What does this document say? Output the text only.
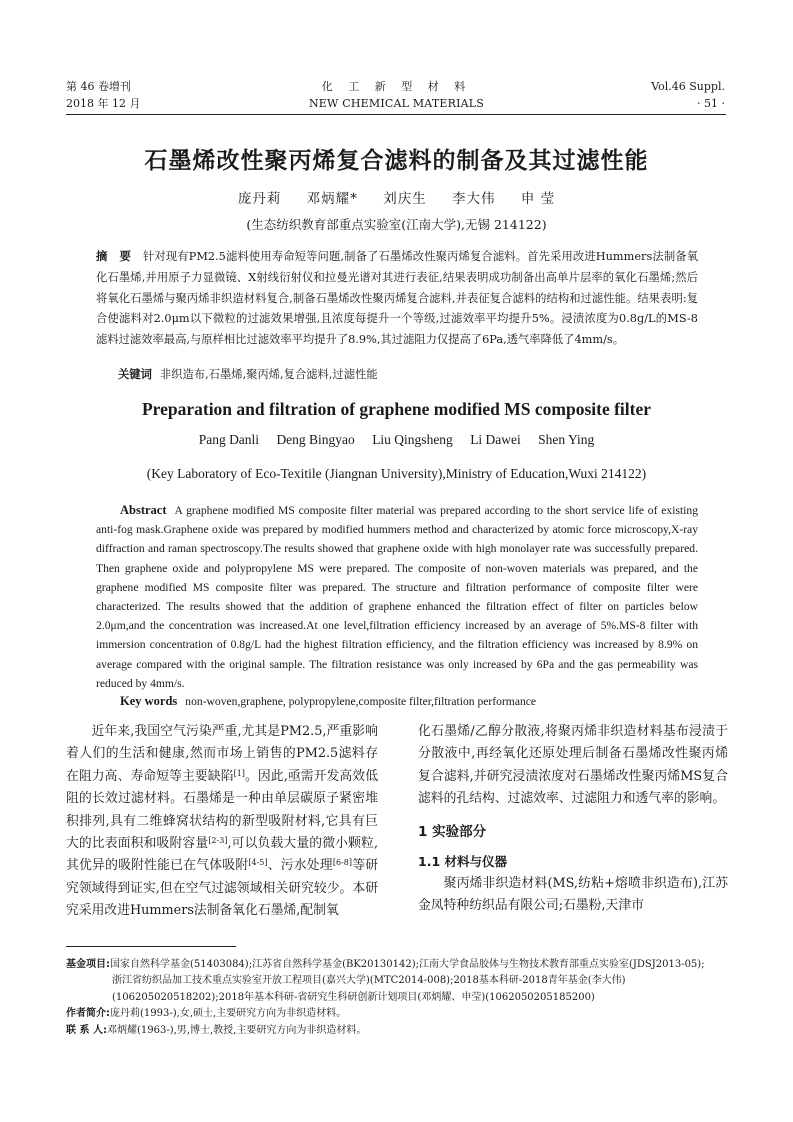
第 46 卷增刊
2018 年 12 月
化 工 新 型 材 料
NEW CHEMICAL MATERIALS
Vol.46 Suppl.
· 51 ·
石墨烯改性聚丙烯复合滤料的制备及其过滤性能
庞丹莉 邓炳耀* 刘庆生 李大伟 申 莹
(生态纺织教育部重点实验室(江南大学),无锡 214122)
摘 要 针对现有PM2.5滤料使用寿命短等问题,制备了石墨烯改性聚丙烯复合滤料。首先采用改进Hummers法制备氧化石墨烯,并用原子力显微镜、X射线衍射仪和拉曼光谱对其进行表征,结果表明成功制备出高单片层率的氧化石墨烯;然后将氧化石墨烯与聚丙烯非织造材料复合,制备石墨烯改性聚丙烯复合滤料,并表征复合滤料的结构和过滤性能。结果表明:复合使滤料对2.0μm以下微粒的过滤效果增强,且浓度每提升一个等级,过滤效率平均提升5%。浸渍浓度为0.8g/L的MS-8滤料过滤效率最高,与原样相比过滤效率平均提升了8.9%,其过滤阻力仅提高了6Pa,透气率降低了4mm/s。
关键词 非织造布,石墨烯,聚丙烯,复合滤料,过滤性能
Preparation and filtration of graphene modified MS composite filter
Pang Danli Deng Bingyao Liu Qingsheng Li Dawei Shen Ying
(Key Laboratory of Eco-Texitile (Jiangnan University),Ministry of Education,Wuxi 214122)
Abstract A graphene modified MS composite filter material was prepared according to the short service life of existing anti-fog mask.Graphene oxide was prepared by modified hummers method and characterized by atomic force microscopy,X-ray diffraction and raman spectroscopy.The results showed that graphene oxide with high monolayer rate was successfully prepared. Then graphene oxide and polypropylene MS were prepared. The composite of non-woven materials was prepared, and the graphene modified MS composite filter was prepared. The structure and filtration performance of composite filter were characterized. The results showed that the addition of graphene enhanced the filtration effect of filter on particles below 2.0μm,and the concentration was increased.At one level,filtration efficiency increased by an average of 5%.MS-8 filter with immersion concentration of 0.8g/L had the highest filtration efficiency, and the filtration efficiency was increased by 8.9% on average compared with the original sample. The filtration resistance was only increased by 6Pa and the gas permeability was reduced by 4mm/s.
Key words non-woven,graphene, polypropylene,composite filter,filtration performance

近年来,我国空气污染严重,尤其是PM2.5,严重影响着人们的生活和健康,然而市场上销售的PM2.5滤料存在阻力高、寿命短等主要缺陷[1]。因此,亟需开发高效低阻的长效过滤材料。石墨烯是一种由单层碳原子紧密堆积排列,具有二维蜂窝状结构的新型吸附材料,它具有巨大的比表面积和吸附容量[2-3],可以负载大量的微小颗粒,其优异的吸附性能已在气体吸附[4-5]、污水处理[6-8]等研究领域得到证实,但在空气过滤领域相关研究较少。本研究采用改进Hummers法制备氧化石墨烯,配制氧

化石墨烯/乙醇分散液,将聚丙烯非织造材料基布浸渍于分散液中,再经氧化还原处理后制备石墨烯改性聚丙烯复合滤料,并研究浸渍浓度对石墨烯改性聚丙烯MS复合滤料的孔结构、过滤效率、过滤阻力和透气率的影响。

1 实验部分
1.1 材料与仪器

聚丙烯非织造材料(MS,纺粘+熔喷非织造布),江苏金凤特种纺织品有限公司;石墨粉,天津市

基金项目:国家自然科学基金(51403084);江苏省自然科学基金(BK20130142);江南大学食品胶体与生物技术教育部重点实验室(JDSJ2013-05);

浙江省纺织品加工技术重点实验室开放工程项目(嘉兴大学)(MTC2014-008);2018基本科研-2018青年基金(李大伟)

(106205020518202);2018年基本科研-省研究生科研创新计划项目(邓炳耀、申莹)(1062050205185200)

作者简介:庞丹莉(1993-),女,硕士,主要研究方向为非织造材料。

联 系 人:邓炳耀(1963-),男,博士,教授,主要研究方向为非织造材料。
